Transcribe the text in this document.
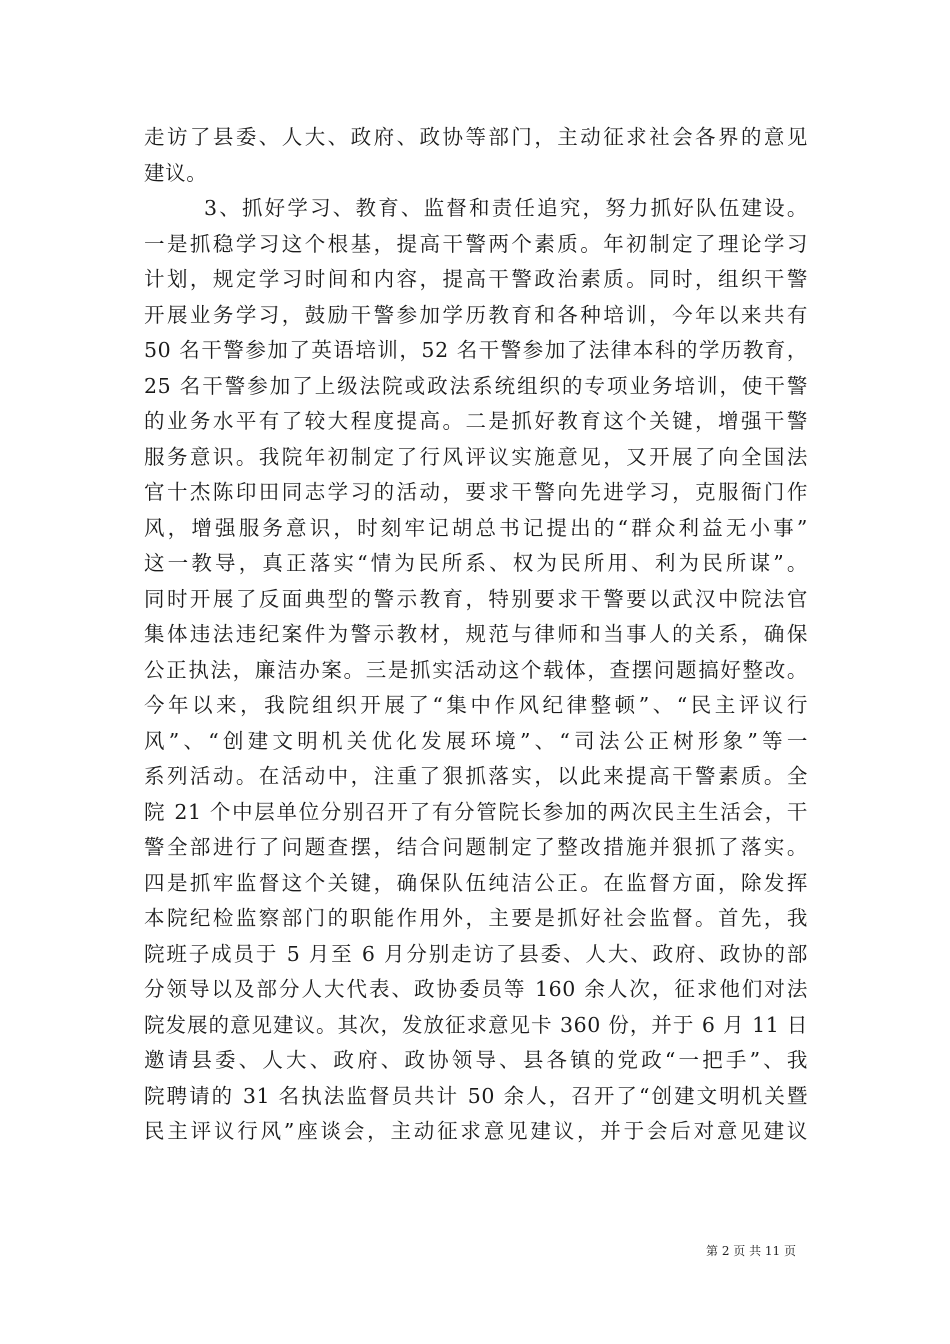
走访了县委、人大、政府、政协等部门，主动征求社会各界的意见
建议。
3、抓好学习、教育、监督和责任追究，努力抓好队伍建设。
一是抓稳学习这个根基，提高干警两个素质。年初制定了理论学习
计划，规定学习时间和内容，提高干警政治素质。同时，组织干警
开展业务学习，鼓励干警参加学历教育和各种培训，今年以来共有
50 名干警参加了英语培训，52 名干警参加了法律本科的学历教育，
25 名干警参加了上级法院或政法系统组织的专项业务培训，使干警
的业务水平有了较大程度提高。二是抓好教育这个关键，增强干警
服务意识。我院年初制定了行风评议实施意见，又开展了向全国法
官十杰陈印田同志学习的活动，要求干警向先进学习，克服衙门作
风，增强服务意识，时刻牢记胡总书记提出的“群众利益无小事”
这一教导，真正落实“情为民所系、权为民所用、利为民所谋”。
同时开展了反面典型的警示教育，特别要求干警要以武汉中院法官
集体违法违纪案件为警示教材，规范与律师和当事人的关系，确保
公正执法，廉洁办案。三是抓实活动这个载体，查摆问题搞好整改。
今年以来，我院组织开展了“集中作风纪律整顿”、“民主评议行
风”、“创建文明机关优化发展环境”、“司法公正树形象”等一
系列活动。在活动中，注重了狠抓落实，以此来提高干警素质。全
院 21 个中层单位分别召开了有分管院长参加的两次民主生活会，干
警全部进行了问题查摆，结合问题制定了整改措施并狠抓了落实。
四是抓牢监督这个关键，确保队伍纯洁公正。在监督方面，除发挥
本院纪检监察部门的职能作用外，主要是抓好社会监督。首先，我
院班子成员于 5 月至 6 月分别走访了县委、人大、政府、政协的部
分领导以及部分人大代表、政协委员等 160 余人次，征求他们对法
院发展的意见建议。其次，发放征求意见卡 360 份，并于 6 月 11 日
邀请县委、人大、政府、政协领导、县各镇的党政“一把手”、我
院聘请的 31 名执法监督员共计 50 余人，召开了“创建文明机关暨
民主评议行风”座谈会，主动征求意见建议，并于会后对意见建议
第 2 页 共 11 页
